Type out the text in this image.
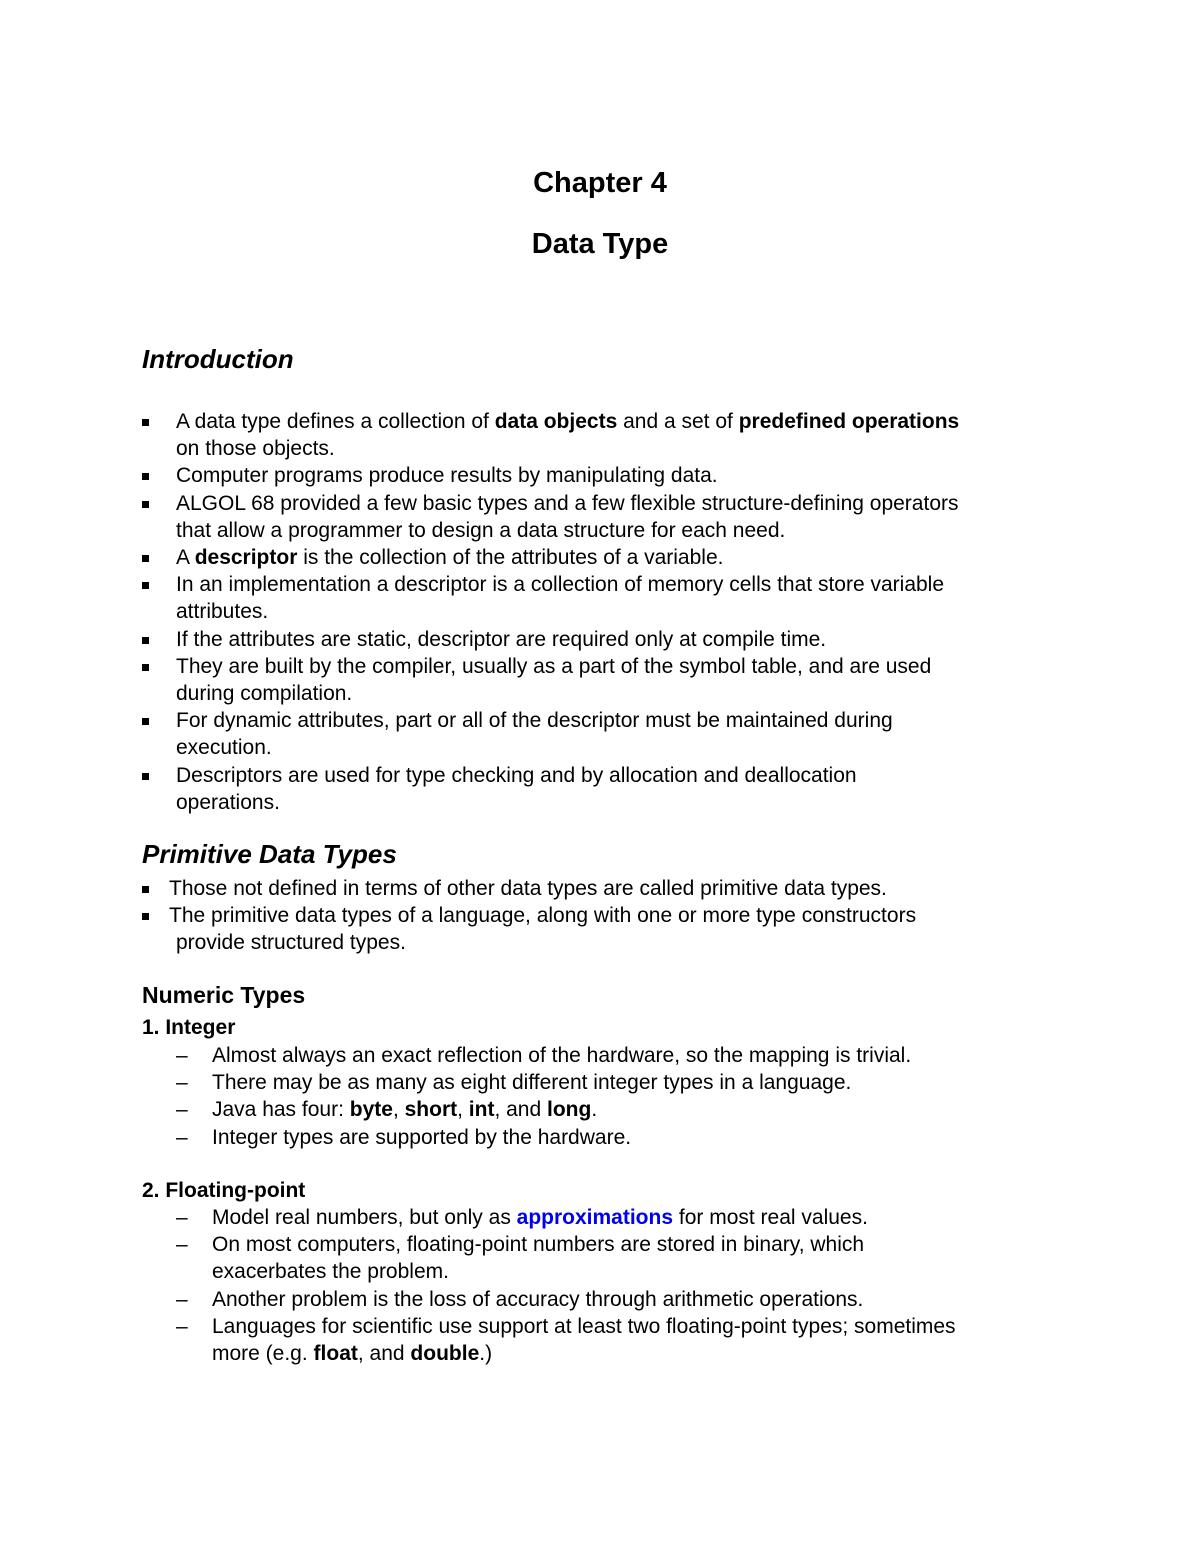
Chapter 4
Data Type
Introduction
A data type defines a collection of data objects and a set of predefined operations
on those objects.
Computer programs produce results by manipulating data.
ALGOL 68 provided a few basic types and a few flexible structure-defining operators
that allow a programmer to design a data structure for each need.
A descriptor is the collection of the attributes of a variable.
In an implementation a descriptor is a collection of memory cells that store variable
attributes.
If the attributes are static, descriptor are required only at compile time.
They are built by the compiler, usually as a part of the symbol table, and are used
during compilation.
For dynamic attributes, part or all of the descriptor must be maintained during
execution.
Descriptors are used for type checking and by allocation and deallocation
operations.
Primitive Data Types
Those not defined in terms of other data types are called primitive data types.
The primitive data types of a language, along with one or more type constructors
provide structured types.
Numeric Types
1. Integer
– Almost always an exact reflection of the hardware, so the mapping is trivial.
– There may be as many as eight different integer types in a language.
– Java has four: byte, short, int, and long.
– Integer types are supported by the hardware.
2. Floating-point
– Model real numbers, but only as approximations for most real values.
– On most computers, floating-point numbers are stored in binary, which
exacerbates the problem.
– Another problem is the loss of accuracy through arithmetic operations.
– Languages for scientific use support at least two floating-point types; sometimes
more (e.g. float, and double.)
